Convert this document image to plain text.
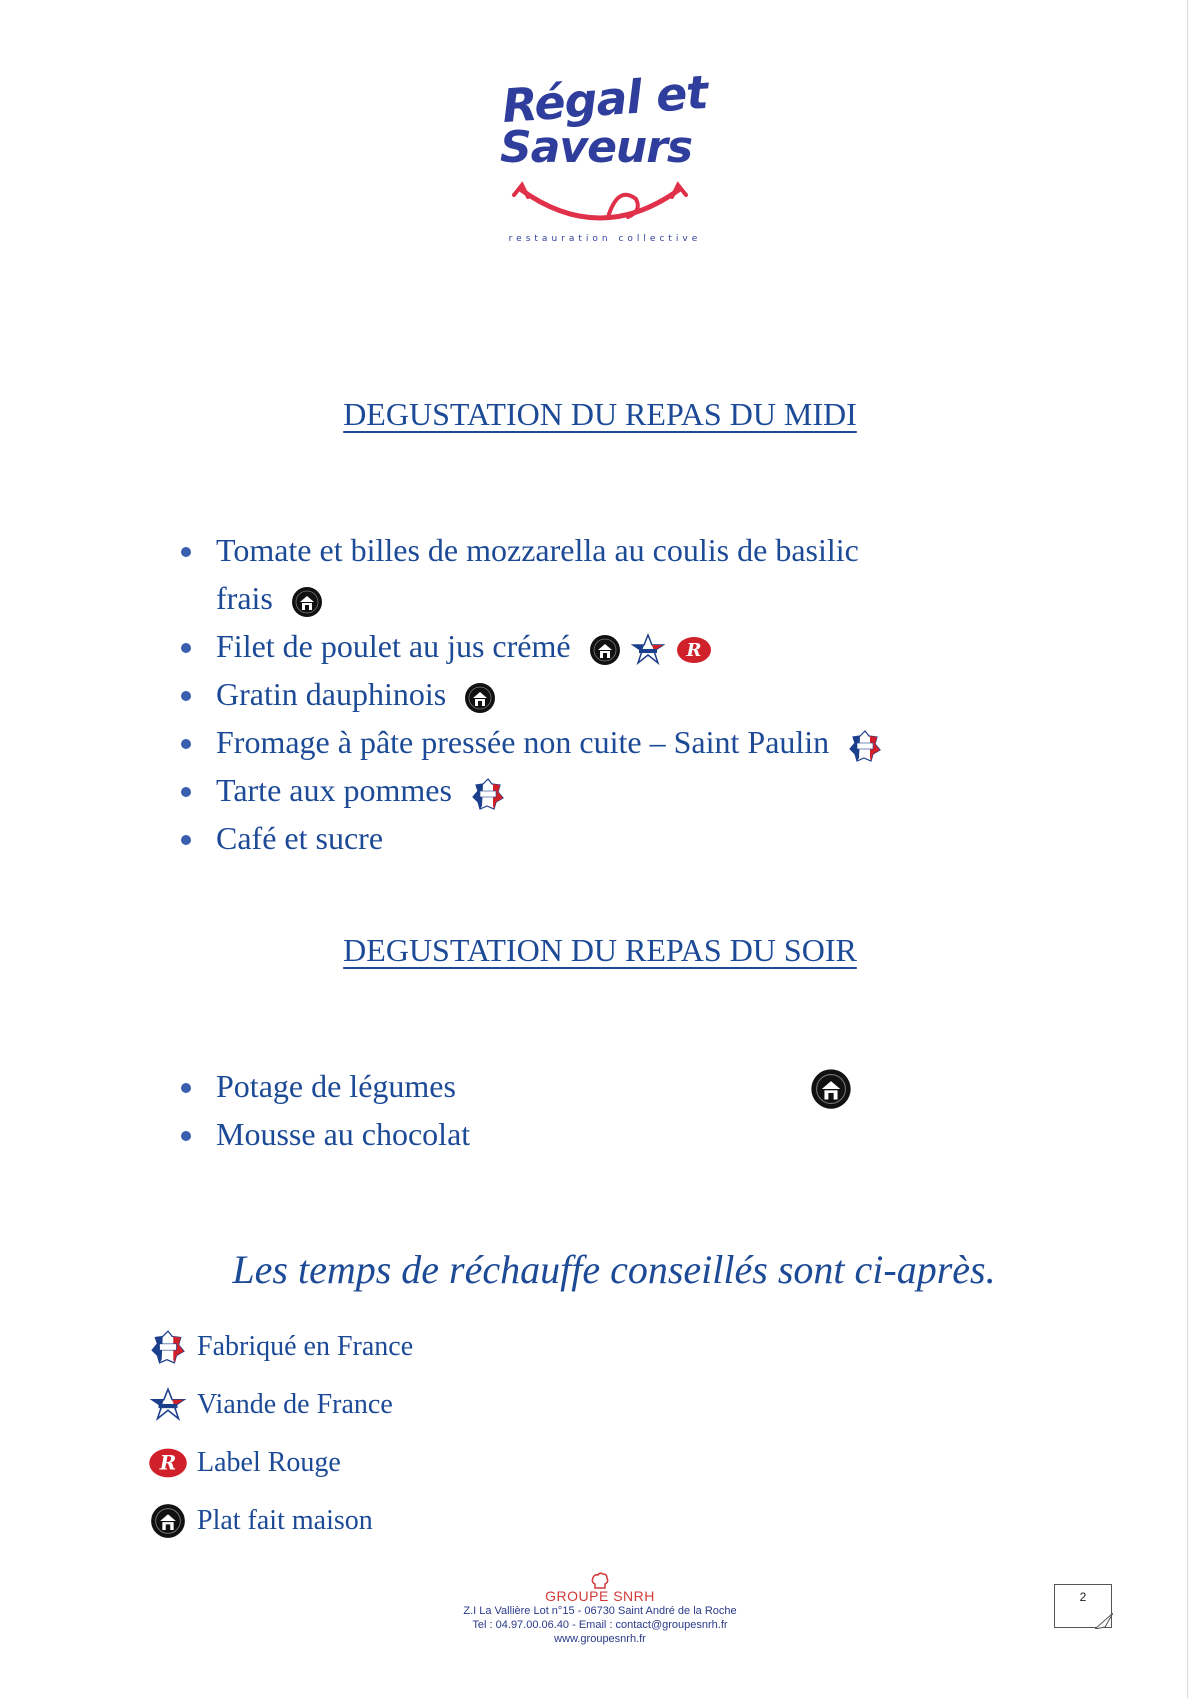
Régal et
Saveurs
restauration collective
DEGUSTATION DU REPAS DU MIDI
Tomate et billes de mozzarella au coulis de basilic
frais
Filet de poulet au jus crémé	R
Gratin dauphinois
Fromage à pâte pressée non cuite – Saint Paulin
Tarte aux pommes
Café et sucre
DEGUSTATION DU REPAS DU SOIR
Potage de légumes
Mousse au chocolat
Les temps de réchauffe conseillés sont ci-après.
Fabriqué en France
Viande de France
R Label Rouge
Plat fait maison
GROUPE SNRH
Z.I La Vallière Lot n°15 - 06730 Saint André de la Roche
Tel : 04.97.00.06.40 - Email : contact@groupesnrh.fr
www.groupesnrh.fr
2
